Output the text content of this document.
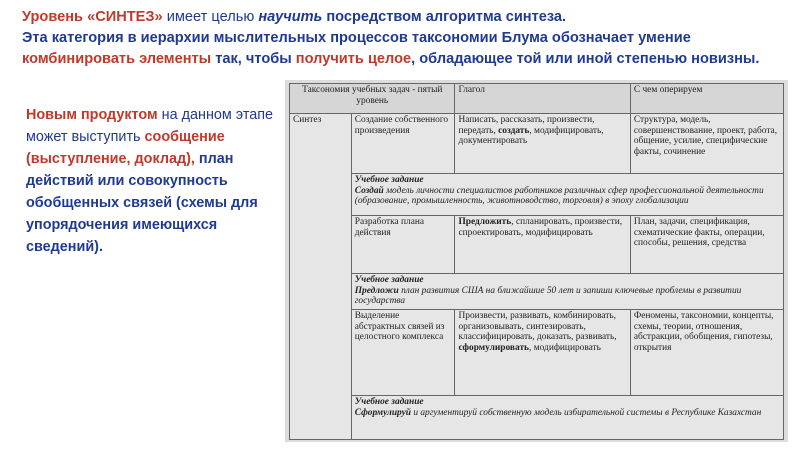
Уровень «СИНТЕЗ» имеет целью научить посредством алгоритма синтеза.
Эта категория в иерархии мыслительных процессов таксономии Блума обозначает умение комбинировать элементы так, чтобы получить целое, обладающее той или иной степенью новизны.
Новым продуктом на данном этапе может выступить сообщение (выступление, доклад), план действий или совокупность обобщенных связей (схемы для упорядочения имеющихся сведений).
Таксономия учебных задач - пятый уровень		Глагол	С чем оперируем
Синтез	Создание собственного произведения	Написать, рассказать, произвести, передать, создать, модифицировать, документировать	Структура, модель, совершенствование, проект, работа, общение, усилие, специфические факты, сочинение

	Учебное задание
Создай модель личности специалистов работников различных сфер профессиональной деятельности (образование, промышленность, животноводство, торговля) в эпоху глобализации		
	Разработка плана действия	Предложить, спланировать, произвести, спроектировать, модифицировать	План, задачи, спецификация, схематические факты, операции, способы, решения, средства

	Учебное задание
Предложи план развития США на ближайшие 50 лет и запиши ключевые проблемы в развитии государства		
	Выделение абстрактных связей из целостного комплекса	Произвести, развивать, комбинировать, организовывать, синтезировать, классифицировать, доказать, развивать, сформулировать, модифицировать	Феномены, таксономии, концепты, схемы, теории, отношения, абстракции, обобщения, гипотезы, открытия

	Учебное задание
Сформулируй и аргументируй собственную модель избирательной системы в Республике Казахстан		
